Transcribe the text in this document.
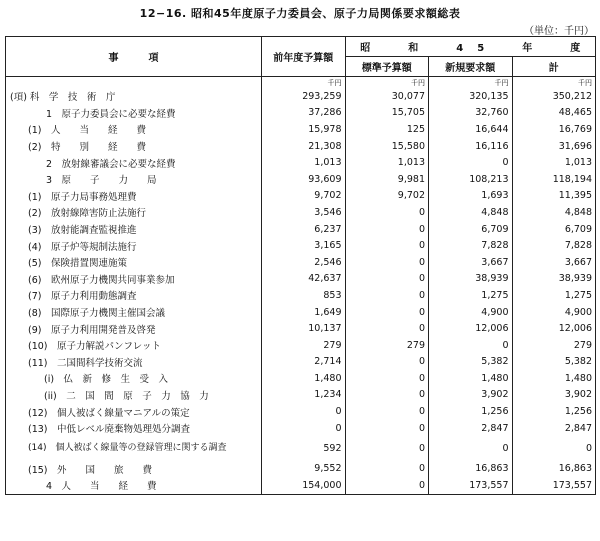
12−16. 昭和45年度原子力委員会、原子力局関係要求額総表
（単位：千円）
事　　　項	前年度予算額	昭　和　45　年　度		
		標準予算額	新規要求額	計
	千円	千円	千円	千円
(項) 科　学　技　術　庁	293,259	30,077	320,135	350,212
1　原子力委員会に必要な経費	37,286	15,705	32,760	48,465
(1)　人　　当　　経　　費	15,978	125	16,644	16,769
(2)　特　　別　　経　　費	21,308	15,580	16,116	31,696
2　放射線審議会に必要な経費	1,013	1,013	0	1,013
3　原　　子　　力　　局	93,609	9,981	108,213	118,194
(1)　原子力局事務処理費	9,702	9,702	1,693	11,395
(2)　放射線障害防止法施行	3,546	0	4,848	4,848
(3)　放射能調査監視推進	6,237	0	6,709	6,709
(4)　原子炉等規制法施行	3,165	0	7,828	7,828
(5)　保険措置関連施策	2,546	0	3,667	3,667
(6)　欧州原子力機関共同事業参加	42,637	0	38,939	38,939
(7)　原子力利用動態調査	853	0	1,275	1,275
(8)　国際原子力機関主催国会議	1,649	0	4,900	4,900
(9)　原子力利用開発普及啓発	10,137	0	12,006	12,006
(10)　原子力解説パンフレット	279	279	0	279
(11)　二国間科学技術交流	2,714	0	5,382	5,382
(i)　仏　新　修　生　受　入	1,480	0	1,480	1,480
(ii)　二　国　間　原　子　力　協　力	1,234	0	3,902	3,902
(12)　個人被ばく線量マニアルの策定	0	0	1,256	1,256
(13)　中低レベル廃棄物処理処分調査	0	0	2,847	2,847
(14)　個人被ばく線量等の登録管理に関する調査	592	0	0	0
(15)　外　　国　　旅　　費	9,552	0	16,863	16,863
4　人　　当　　経　　費	154,000	0	173,557	173,557
